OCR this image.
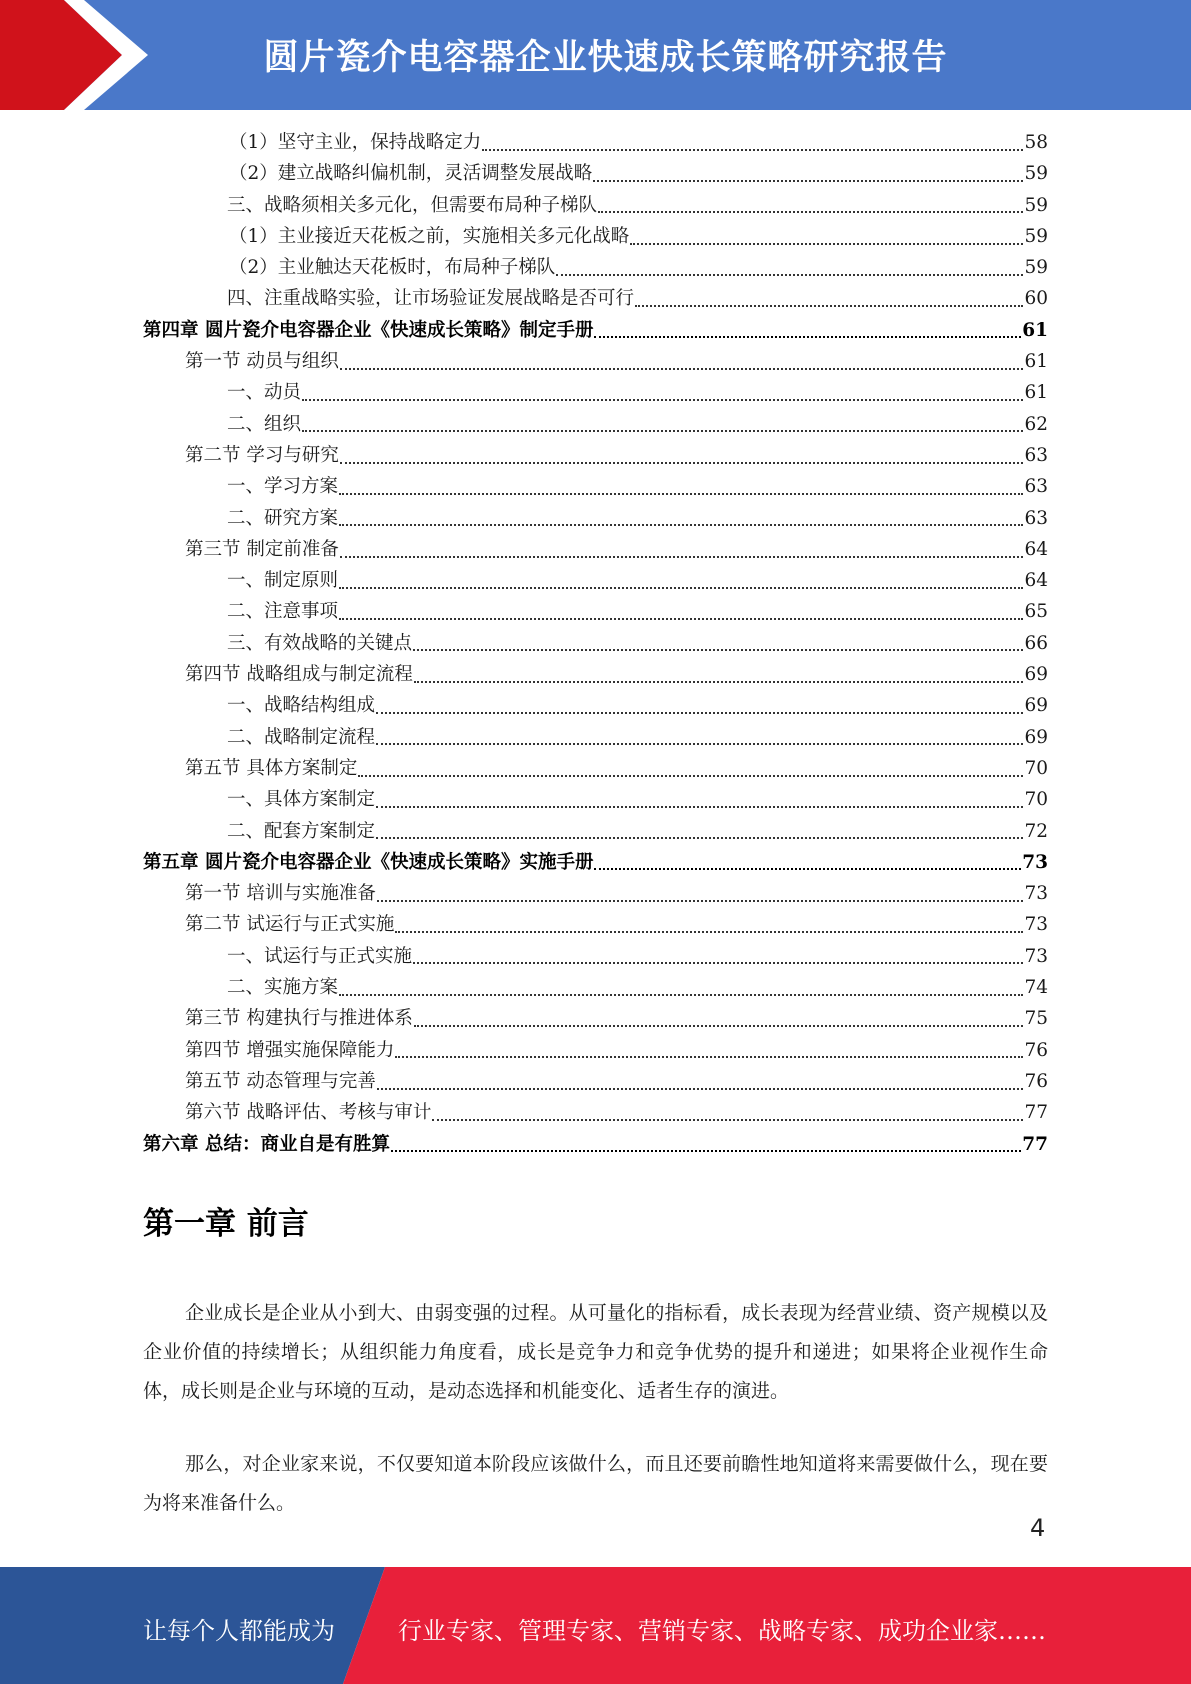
圆片瓷介电容器企业快速成长策略研究报告
（1）坚守主业，保持战略定力	58
（2）建立战略纠偏机制，灵活调整发展战略	59
三、战略须相关多元化，但需要布局种子梯队	59
（1）主业接近天花板之前，实施相关多元化战略	59
（2）主业触达天花板时，布局种子梯队	59
四、注重战略实验，让市场验证发展战略是否可行	60
第四章 圆片瓷介电容器企业《快速成长策略》制定手册	61
第一节 动员与组织	61
一、动员	61
二、组织	62
第二节 学习与研究	63
一、学习方案	63
二、研究方案	63
第三节 制定前准备	64
一、制定原则	64
二、注意事项	65
三、有效战略的关键点	66
第四节 战略组成与制定流程	69
一、战略结构组成	69
二、战略制定流程	69
第五节 具体方案制定	70
一、具体方案制定	70
二、配套方案制定	72
第五章 圆片瓷介电容器企业《快速成长策略》实施手册	73
第一节 培训与实施准备	73
第二节 试运行与正式实施	73
一、试运行与正式实施	73
二、实施方案	74
第三节 构建执行与推进体系	75
第四节 增强实施保障能力	76
第五节 动态管理与完善	76
第六节 战略评估、考核与审计	77
第六章 总结：商业自是有胜算	77
第一章 前言
企业成长是企业从小到大、由弱变强的过程。从可量化的指标看，成长表现为经营业绩、资产规模以及企业价值的持续增长；从组织能力角度看，成长是竞争力和竞争优势的提升和递进；如果将企业视作生命体，成长则是企业与环境的互动，是动态选择和机能变化、适者生存的演进。
那么，对企业家来说，不仅要知道本阶段应该做什么，而且还要前瞻性地知道将来需要做什么，现在要为将来准备什么。
4
让每个人都能成为	行业专家、管理专家、营销专家、战略专家、成功企业家……
